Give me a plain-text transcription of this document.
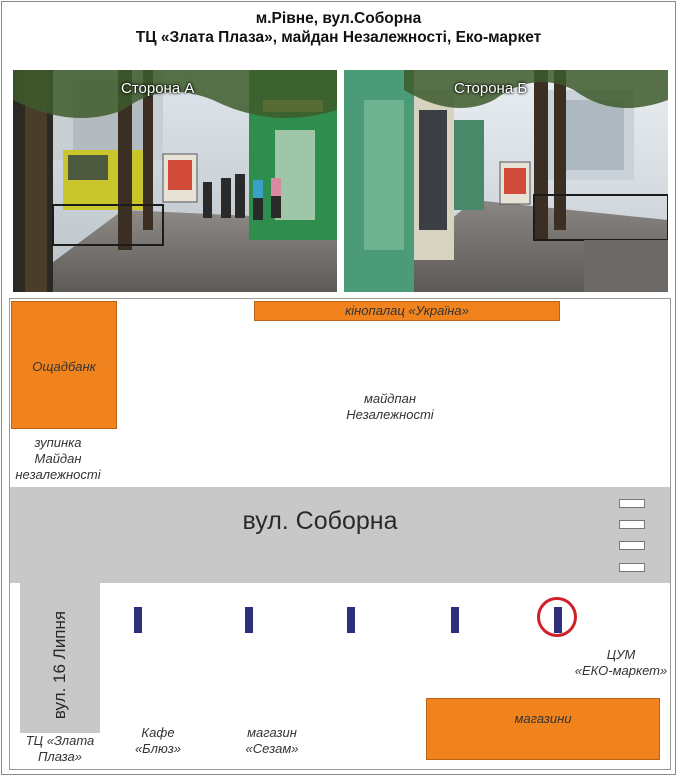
м.Рівне, вул.Соборна
ТЦ «Злата Плаза», майдан Незалежності, Еко-маркет
Сторона А	Сторона Б
кінопалац «Україна»
Ощадбанк
майдпан
Незалежності
зупинка
Майдан
незалежності
вул. Соборна
вул. 16 Липня
ТЦ «Злата
Плаза»
Кафе
«Блюз»
магазин
«Сезам»
ЦУМ
«ЕКО-маркет»
магазини
